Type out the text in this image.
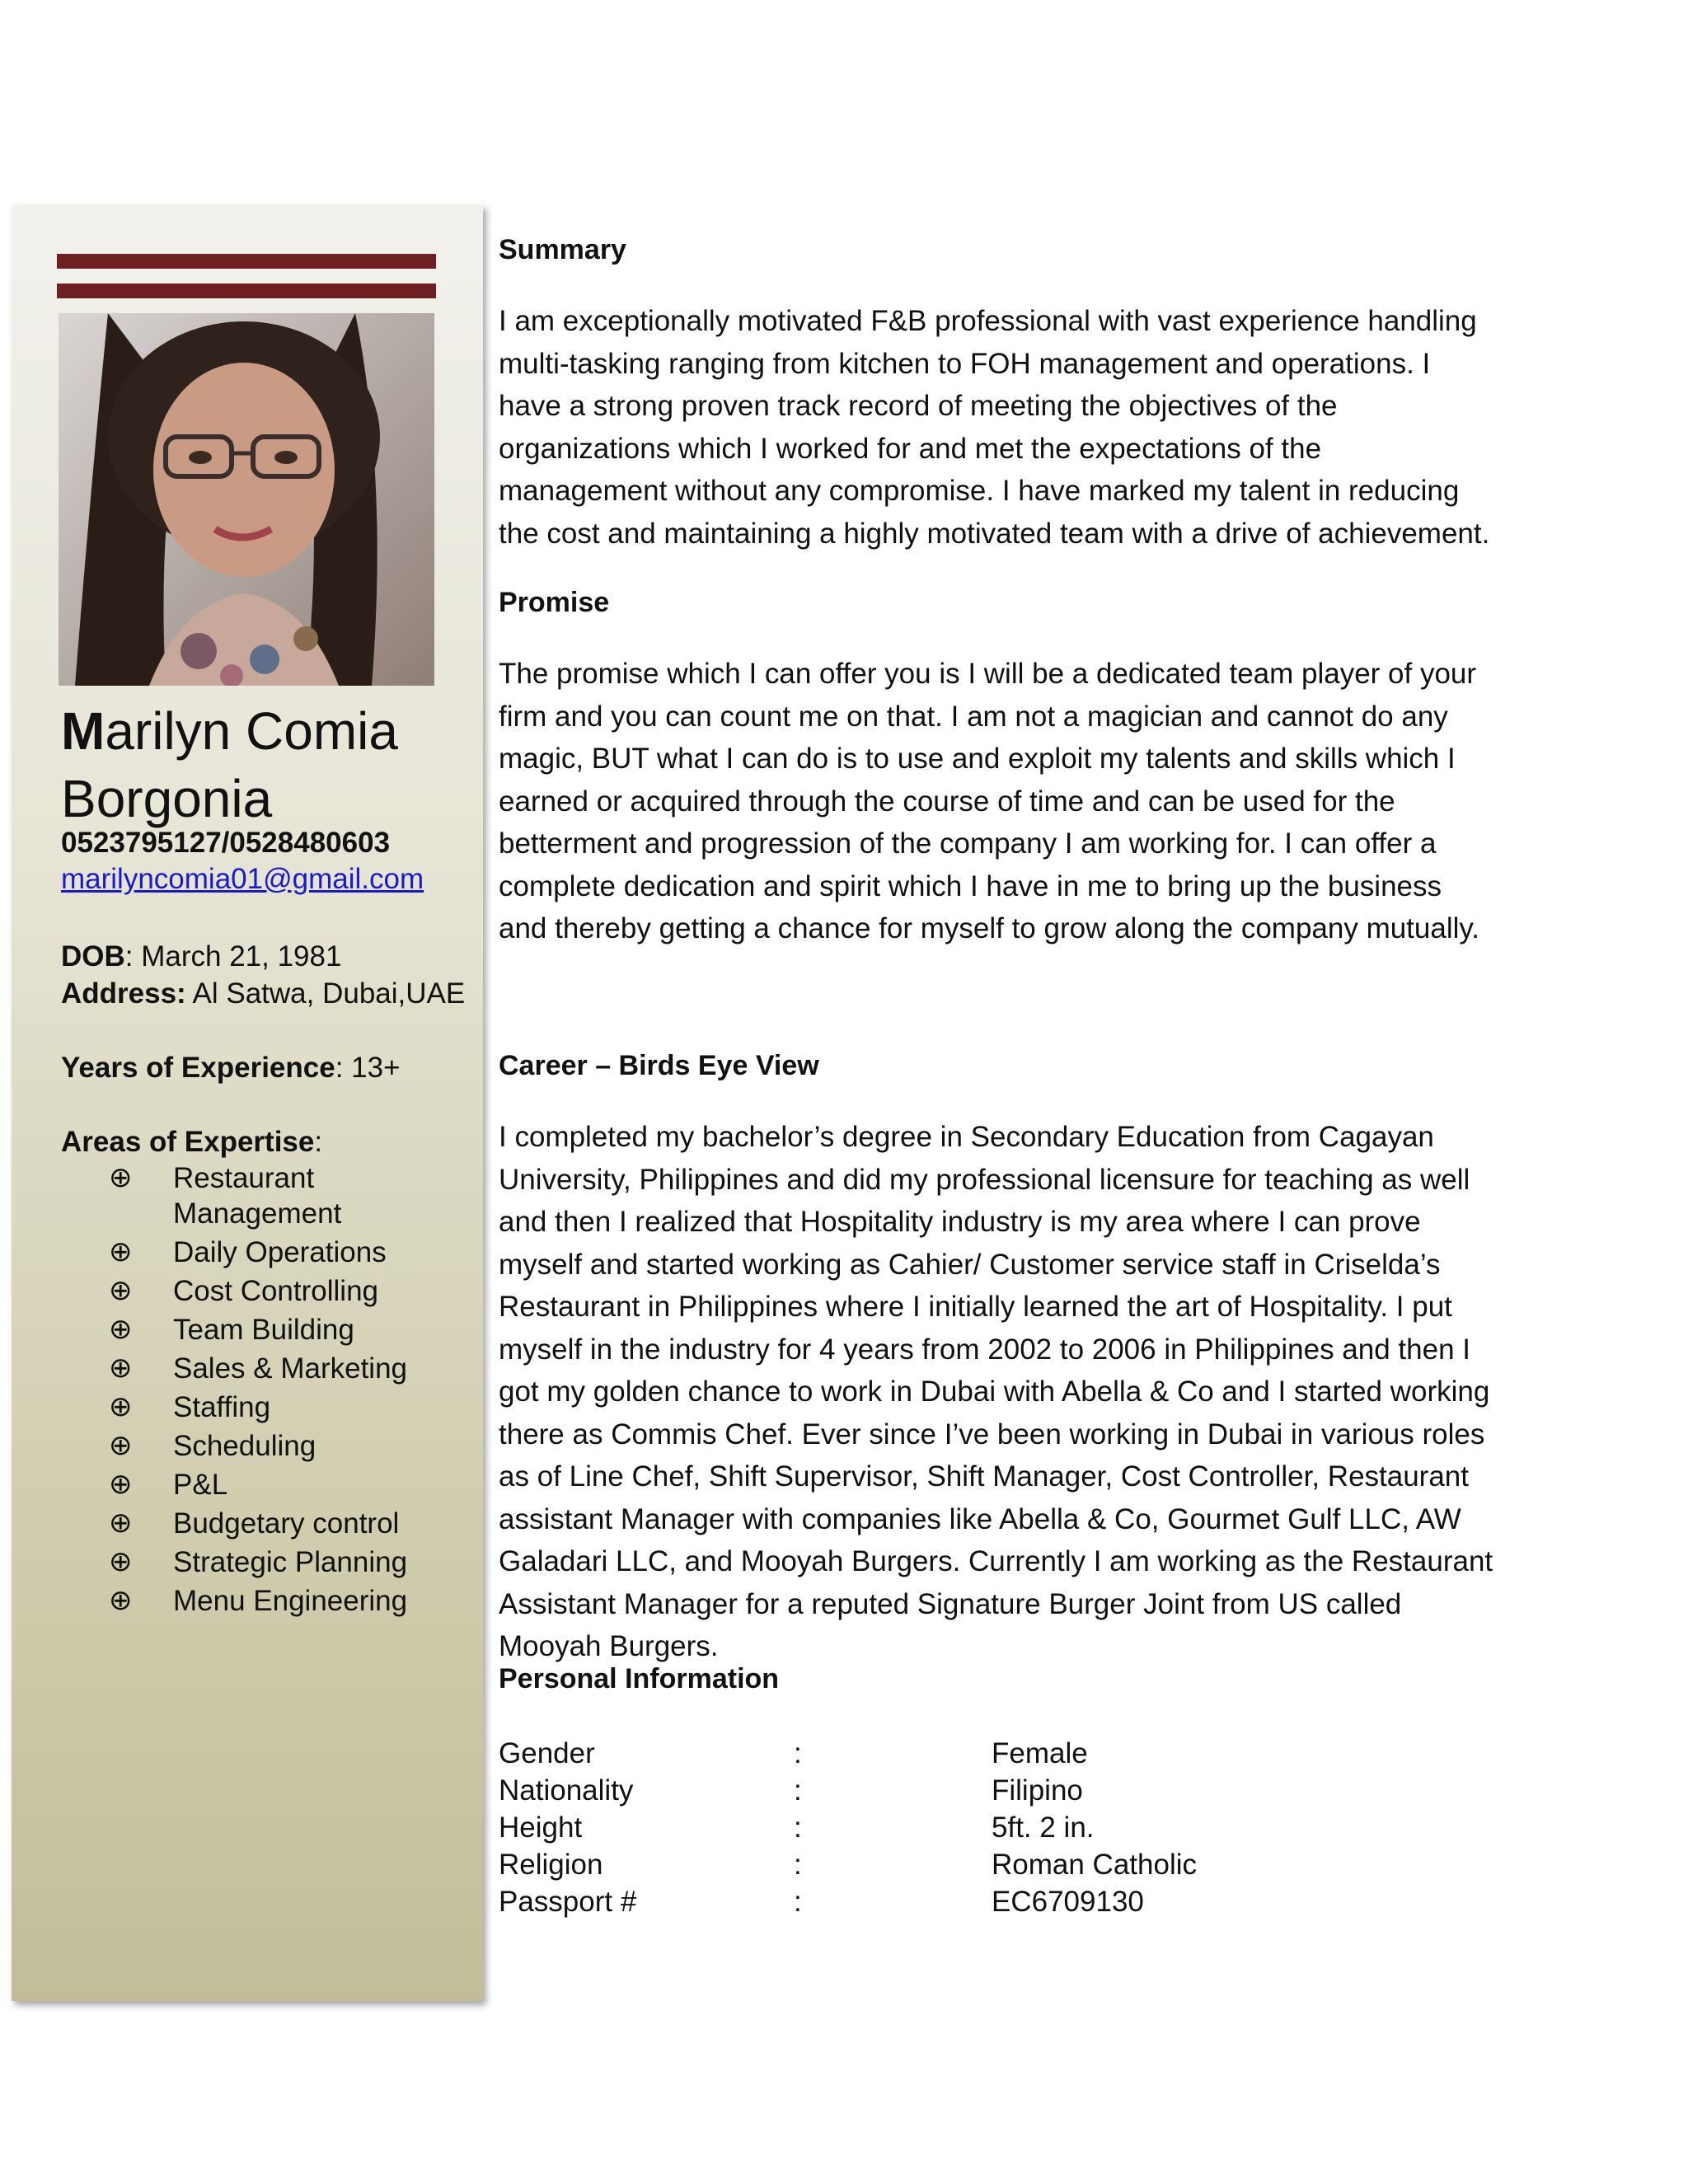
Marilyn Comia Borgonia
0523795127/0528480603
marilyncomia01@gmail.com
DOB: March 21, 1981
Address: Al Satwa, Dubai,UAE
Years of Experience: 13+
Areas of Expertise:
⊕ Restaurant Management
⊕ Daily Operations
⊕ Cost Controlling
⊕ Team Building
⊕ Sales & Marketing
⊕ Staffing
⊕ Scheduling
⊕ P&L
⊕ Budgetary control
⊕ Strategic Planning
⊕ Menu Engineering
Summary
I am exceptionally motivated F&B professional with vast experience handling multi-tasking ranging from kitchen to FOH management and operations. I have a strong proven track record of meeting the objectives of the organizations which I worked for and met the expectations of the management without any compromise. I have marked my talent in reducing the cost and maintaining a highly motivated team with a drive of achievement.
Promise
The promise which I can offer you is I will be a dedicated team player of your firm and you can count me on that. I am not a magician and cannot do any magic, BUT what I can do is to use and exploit my talents and skills which I earned or acquired through the course of time and can be used for the betterment and progression of the company I am working for. I can offer a complete dedication and spirit which I have in me to bring up the business and thereby getting a chance for myself to grow along the company mutually.
Career – Birds Eye View
I completed my bachelor’s degree in Secondary Education from Cagayan University, Philippines and did my professional licensure for teaching as well and then I realized that Hospitality industry is my area where I can prove myself and started working as Cahier/ Customer service staff in Criselda’s Restaurant in Philippines where I initially learned the art of Hospitality. I put myself in the industry for 4 years from 2002 to 2006 in Philippines and then I got my golden chance to work in Dubai with Abella & Co and I started working there as Commis Chef. Ever since I’ve been working in Dubai in various roles as of Line Chef, Shift Supervisor, Shift Manager, Cost Controller, Restaurant assistant Manager with companies like Abella & Co, Gourmet Gulf LLC, AW Galadari LLC, and Mooyah Burgers. Currently I am working as the Restaurant Assistant Manager for a reputed Signature Burger Joint from US called Mooyah Burgers.
Personal Information
Gender	:	Female
Nationality	:	Filipino
Height	:	5ft. 2 in.
Religion	:	Roman Catholic
Passport #	:	EC6709130
